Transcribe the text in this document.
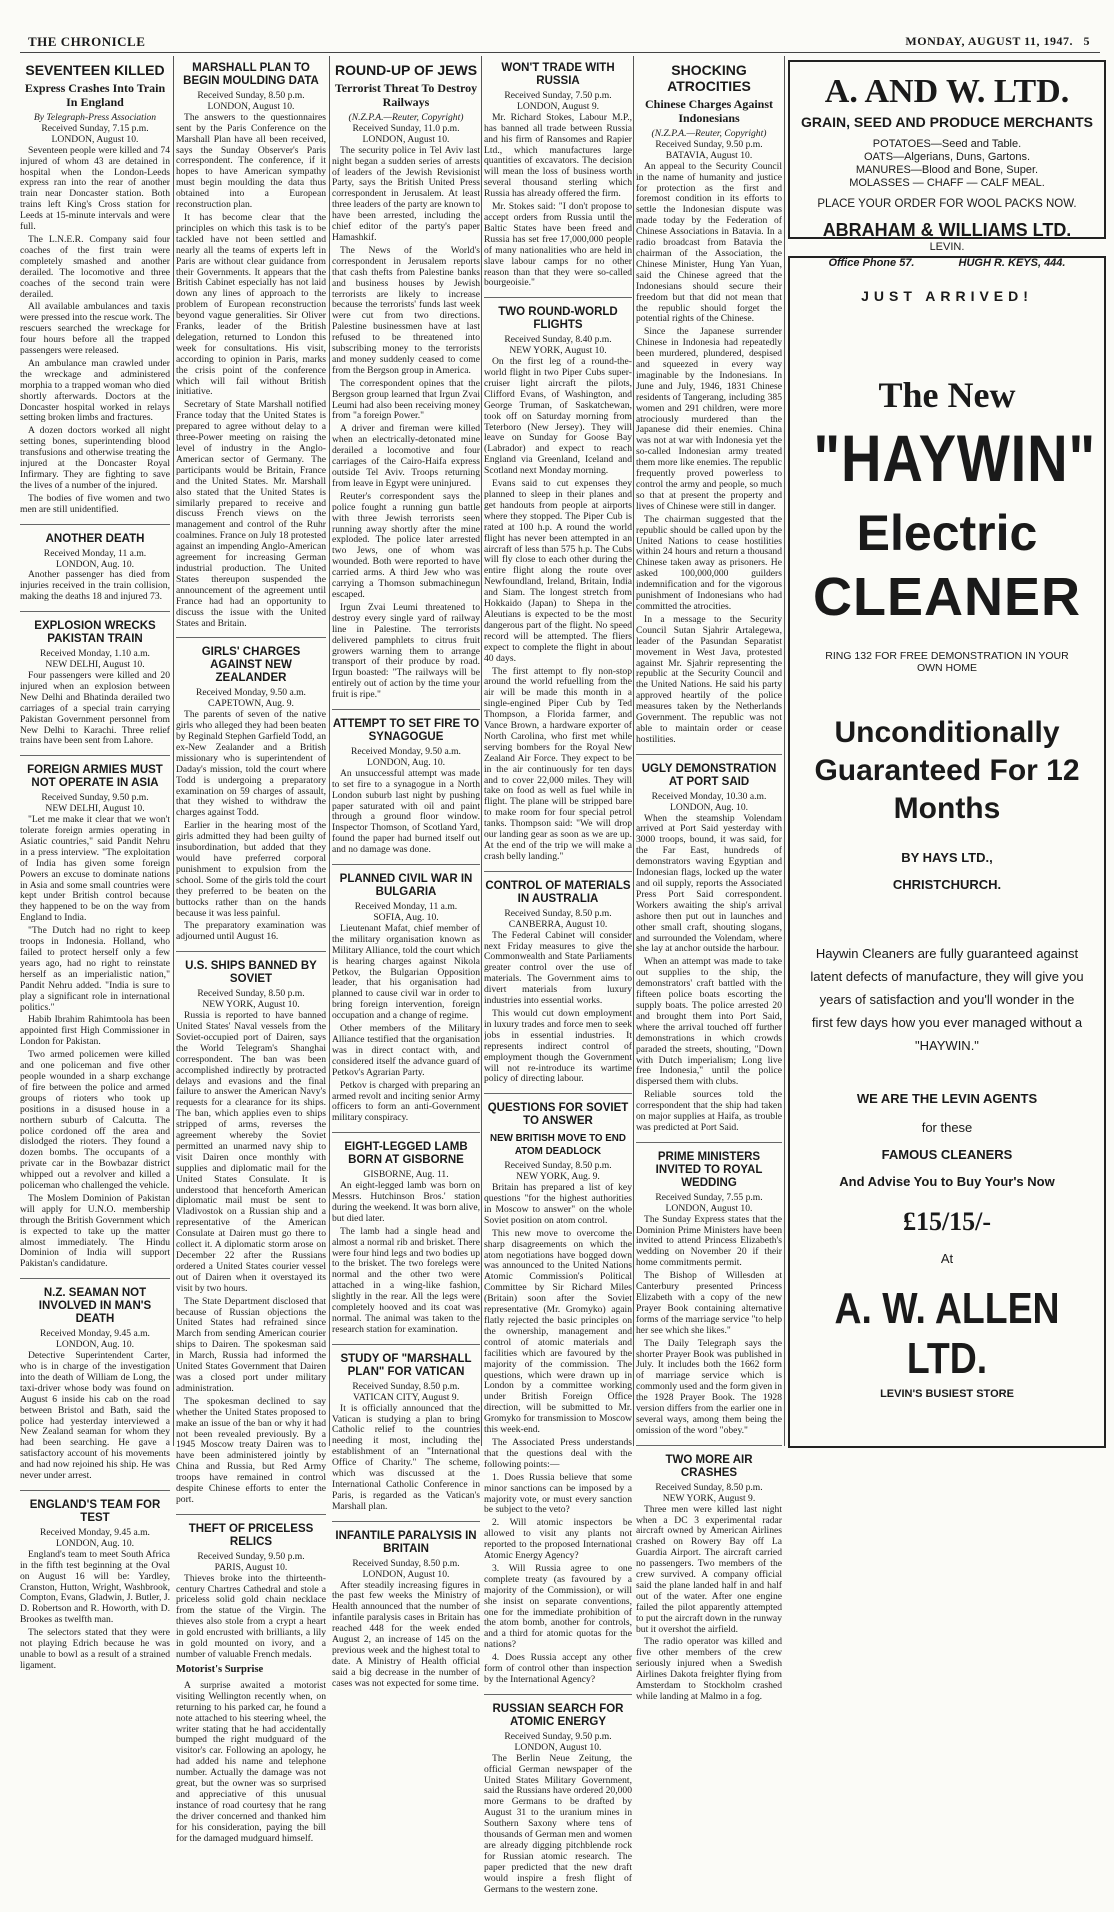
THE CHRONICLE	MONDAY, AUGUST 11, 1947. 5
SEVENTEEN KILLED
Express Crashes Into Train In England
By Telegraph-Press Association
Received Sunday, 7.15 p.m.
LONDON, August 10.

Seventeen people were killed and 74 injured of whom 43 are detained in hospital when the London-Leeds express ran into the rear of another train near Doncaster station. Both trains left King's Cross station for Leeds at 15-minute intervals and were full.

The L.N.E.R. Company said four coaches of the first train were completely smashed and another derailed. The locomotive and three coaches of the second train were derailed.

All available ambulances and taxis were pressed into the rescue work. The rescuers searched the wreckage for four hours before all the trapped passengers were released.

An ambulance man crawled under the wreckage and administered morphia to a trapped woman who died shortly afterwards. Doctors at the Doncaster hospital worked in relays setting broken limbs and fractures.

A dozen doctors worked all night setting bones, superintending blood transfusions and otherwise treating the injured at the Doncaster Royal Infirmary. They are fighting to save the lives of a number of the injured.

The bodies of five women and two men are still unidentified.

ANOTHER DEATH
Received Monday, 11 a.m.
LONDON, Aug. 10.

Another passenger has died from injuries received in the train collision, making the deaths 18 and injured 73.

EXPLOSION WRECKS PAKISTAN TRAIN
Received Monday, 1.10 a.m.
NEW DELHI, August 10.

Four passengers were killed and 20 injured when an explosion between New Delhi and Bhatinda derailed two carriages of a special train carrying Pakistan Government personnel from New Delhi to Karachi. Three relief trains have been sent from Lahore.

FOREIGN ARMIES MUST NOT OPERATE IN ASIA
Received Sunday, 9.50 p.m.
NEW DELHI, August 10.

"Let me make it clear that we won't tolerate foreign armies operating in Asiatic countries," said Pandit Nehru in a press interview. "The exploitation of India has given some foreign Powers an excuse to dominate nations in Asia and some small countries were kept under British control because they happened to be on the way from England to India.

"The Dutch had no right to keep troops in Indonesia. Holland, who failed to protect herself only a few years ago, had no right to reinstate herself as an imperialistic nation," Pandit Nehru added. "India is sure to play a significant role in international politics."

Habib Ibrahim Rahimtoola has been appointed first High Commissioner in London for Pakistan.

Two armed policemen were killed and one policeman and five other people wounded in a sharp exchange of fire between the police and armed groups of rioters who took up positions in a disused house in a northern suburb of Calcutta. The police cordoned off the area and dislodged the rioters. They found a dozen bombs. The occupants of a private car in the Bowbazar district whipped out a revolver and killed a policeman who challenged the vehicle.

The Moslem Dominion of Pakistan will apply for U.N.O. membership through the British Government which is expected to take up the matter almost immediately. The Hindu Dominion of India will support Pakistan's candidature.

N.Z. SEAMAN NOT INVOLVED IN MAN'S DEATH
Received Monday, 9.45 a.m.
LONDON, Aug. 10.

Detective Superintendent Carter, who is in charge of the investigation into the death of William de Long, the taxi-driver whose body was found on August 6 inside his cab on the road between Bristol and Bath, said the police had yesterday interviewed a New Zealand seaman for whom they had been searching. He gave a satisfactory account of his movements and had now rejoined his ship. He was never under arrest.

ENGLAND'S TEAM FOR TEST
Received Monday, 9.45 a.m.
LONDON, Aug. 10.

England's team to meet South Africa in the fifth test beginning at the Oval on August 16 will be: Yardley, Cranston, Hutton, Wright, Washbrook, Compton, Evans, Gladwin, J. Butler, J. D. Robertson and R. Howorth, with D. Brookes as twelfth man.

The selectors stated that they were not playing Edrich because he was unable to bowl as a result of a strained ligament.

MARSHALL PLAN TO BEGIN MOULDING DATA
Received Sunday, 8.50 p.m.
LONDON, August 10.

The answers to the questionnaires sent by the Paris Conference on the Marshall Plan have all been received, says the Sunday Observer's Paris correspondent. The conference, if it hopes to have American sympathy must begin moulding the data thus obtained into a European reconstruction plan.

It has become clear that the principles on which this task is to be tackled have not been settled and nearly all the teams of experts left in Paris are without clear guidance from their Governments. It appears that the British Cabinet especially has not laid down any lines of approach to the problem of European reconstruction beyond vague generalities. Sir Oliver Franks, leader of the British delegation, returned to London this week for consultations. His visit, according to opinion in Paris, marks the crisis point of the conference which will fail without British initiative.

Secretary of State Marshall notified France today that the United States is prepared to agree without delay to a three-Power meeting on raising the level of industry in the Anglo-American sector of Germany. The participants would be Britain, France and the United States. Mr. Marshall also stated that the United States is similarly prepared to receive and discuss French views on the management and control of the Ruhr coalmines. France on July 18 protested against an impending Anglo-American agreement for increasing German industrial production. The United States thereupon suspended the announcement of the agreement until France had had an opportunity to discuss the issue with the United States and Britain.

GIRLS' CHARGES AGAINST NEW ZEALANDER
Received Monday, 9.50 a.m.
CAPETOWN, Aug. 9.

The parents of seven of the native girls who alleged they had been beaten by Reginald Stephen Garfield Todd, an ex-New Zealander and a British missionary who is superintendent of Daday's mission, told the court where Todd is undergoing a preparatory examination on 59 charges of assault, that they wished to withdraw the charges against Todd.

Earlier in the hearing most of the girls admitted they had been guilty of insubordination, but added that they would have preferred corporal punishment to expulsion from the school. Some of the girls told the court they preferred to be beaten on the buttocks rather than on the hands because it was less painful.

The preparatory examination was adjourned until August 16.

U.S. SHIPS BANNED BY SOVIET
Received Sunday, 8.50 p.m.
NEW YORK, August 10.

Russia is reported to have banned United States' Naval vessels from the Soviet-occupied port of Dairen, says the World Telegram's Shanghai correspondent. The ban was been accomplished indirectly by protracted delays and evasions and the final failure to answer the American Navy's requests for a clearance for its ships. The ban, which applies even to ships stripped of arms, reverses the agreement whereby the Soviet permitted an unarmed navy ship to visit Dairen once monthly with supplies and diplomatic mail for the United States Consulate. It is understood that henceforth American diplomatic mail must be sent to Vladivostok on a Russian ship and a representative of the American Consulate at Dairen must go there to collect it. A diplomatic storm arose on December 22 after the Russians ordered a United States courier vessel out of Dairen when it overstayed its visit by two hours.

The State Department disclosed that because of Russian objections the United States had refrained since March from sending American courier ships to Dairen. The spokesman said in March, Russia had informed the United States Government that Dairen was a closed port under military administration.

The spokesman declined to say whether the United States proposed to make an issue of the ban or why it had not been revealed previously. By a 1945 Moscow treaty Dairen was to have been administered jointly by China and Russia, but Red Army troops have remained in control despite Chinese efforts to enter the port.

THEFT OF PRICELESS RELICS
Received Sunday, 9.50 p.m.
PARIS, August 10.

Thieves broke into the thirteenth-century Chartres Cathedral and stole a priceless solid gold chain necklace from the statue of the Virgin. The thieves also stole from a crypt a heart in gold encrusted with brilliants, a lily in gold mounted on ivory, and a number of valuable French medals.

Motorist's Surprise

A surprise awaited a motorist visiting Wellington recently when, on returning to his parked car, he found a note attached to his steering wheel, the writer stating that he had accidentally bumped the right mudguard of the visitor's car. Following an apology, he had added his name and telephone number. Actually the damage was not great, but the owner was so surprised and appreciative of this unusual instance of road courtesy that he rang the driver concerned and thanked him for his consideration, paying the bill for the damaged mudguard himself.

ROUND-UP OF JEWS
Terrorist Threat To Destroy Railways
(N.Z.P.A.—Reuter, Copyright)
Received Sunday, 11.0 p.m.
LONDON, August 10.

The security police in Tel Aviv last night began a sudden series of arrests of leaders of the Jewish Revisionist Party, says the British United Press correspondent in Jerusalem. At least three leaders of the party are known to have been arrested, including the chief editor of the party's paper Hamashkif.

The News of the World's correspondent in Jerusalem reports that cash thefts from Palestine banks and business houses by Jewish terrorists are likely to increase because the terrorists' funds last week were cut from two directions. Palestine businessmen have at last refused to be threatened into subscribing money to the terrorists and money suddenly ceased to come from the Bergson group in America.

The correspondent opines that the Bergson group learned that Irgun Zvai Leumi had also been receiving money from "a foreign Power."

A driver and fireman were killed when an electrically-detonated mine derailed a locomotive and four carriages of the Cairo-Haifa express outside Tel Aviv. Troops returning from leave in Egypt were uninjured.

Reuter's correspondent says the police fought a running gun battle with three Jewish terrorists seen running away shortly after the mine exploded. The police later arrested two Jews, one of whom was wounded. Both were reported to have carried arms. A third Jew who was carrying a Thomson submachinegun escaped.

Irgun Zvai Leumi threatened to destroy every single yard of railway line in Palestine. The terrorists delivered pamphlets to citrus fruit growers warning them to arrange transport of their produce by road. Irgun boasted: "The railways will be entirely out of action by the time your fruit is ripe."

ATTEMPT TO SET FIRE TO SYNAGOGUE
Received Monday, 9.50 a.m.
LONDON, Aug. 10.

An unsuccessful attempt was made to set fire to a synagogue in a North London suburb last night by pushing paper saturated with oil and paint through a ground floor window. Inspector Thomson, of Scotland Yard, found the paper had burned itself out and no damage was done.

PLANNED CIVIL WAR IN BULGARIA
Received Monday, 11 a.m.
SOFIA, Aug. 10.

Lieutenant Mafat, chief member of the military organisation known as Military Alliance, told the court which is hearing charges against Nikola Petkov, the Bulgarian Opposition leader, that his organisation had planned to cause civil war in order to bring foreign intervention, foreign occupation and a change of regime.

Other members of the Military Alliance testified that the organisation was in direct contact with, and considered itself the advance guard of Petkov's Agrarian Party.

Petkov is charged with preparing an armed revolt and inciting senior Army officers to form an anti-Government military conspiracy.

EIGHT-LEGGED LAMB BORN AT GISBORNE
GISBORNE, Aug. 11.

An eight-legged lamb was born on Messrs. Hutchinson Bros.' station during the weekend. It was born alive, but died later.

The lamb had a single head and almost a normal rib and brisket. There were four hind legs and two bodies up to the brisket. The two forelegs were normal and the other two were attached in a wing-like fashion, slightly in the rear. All the legs were completely hooved and its coat was normal. The animal was taken to the research station for examination.

STUDY OF "MARSHALL PLAN" FOR VATICAN
Received Sunday, 8.50 p.m.
VATICAN CITY, August 9.

It is officially announced that the Vatican is studying a plan to bring Catholic relief to the countries needing it most, including the establishment of an "International Office of Charity." The scheme, which was discussed at the International Catholic Conference in Paris, is regarded as the Vatican's Marshall plan.

INFANTILE PARALYSIS IN BRITAIN
Received Sunday, 8.50 p.m.
LONDON, August 10.

After steadily increasing figures in the past few weeks the Ministry of Health announced that the number of infantile paralysis cases in Britain has reached 448 for the week ended August 2, an increase of 145 on the previous week and the highest total to date. A Ministry of Health official said a big decrease in the number of cases was not expected for some time.

WON'T TRADE WITH RUSSIA
Received Sunday, 7.50 p.m.
LONDON, August 9.

Mr. Richard Stokes, Labour M.P., has banned all trade between Russia and his firm of Ransomes and Rapier Ltd., which manufactures large quantities of excavators. The decision will mean the loss of business worth several thousand sterling which Russia has already offered the firm.

Mr. Stokes said: "I don't propose to accept orders from Russia until the Baltic States have been freed and Russia has set free 17,000,000 people of many nationalities who are held in slave labour camps for no other reason than that they were so-called bourgeoisie."

TWO ROUND-WORLD FLIGHTS
Received Sunday, 8.40 p.m.
NEW YORK, August 10.

On the first leg of a round-the-world flight in two Piper Cubs super-cruiser light aircraft the pilots, Clifford Evans, of Washington, and George Truman, of Saskatchewan, took off on Saturday morning from Teterboro (New Jersey). They will leave on Sunday for Goose Bay (Labrador) and expect to reach England via Greenland, Iceland and Scotland next Monday morning.

Evans said to cut expenses they planned to sleep in their planes and get handouts from people at airports where they stopped. The Piper Cub is rated at 100 h.p. A round the world flight has never been attempted in an aircraft of less than 575 h.p. The Cubs will fly close to each other during the entire flight along the route over Newfoundland, Ireland, Britain, India and Siam. The longest stretch from Hokkaido (Japan) to Shepa in the Aleutians is expected to be the most dangerous part of the flight. No speed record will be attempted. The fliers expect to complete the flight in about 40 days.

The first attempt to fly non-stop around the world refuelling from the air will be made this month in a single-engined Piper Cub by Ted Thompson, a Florida farmer, and Vance Brown, a hardware exporter of North Carolina, who first met while serving bombers for the Royal New Zealand Air Force. They expect to be in the air continuously for ten days and to cover 22,000 miles. They will take on food as well as fuel while in flight. The plane will be stripped bare to make room for four special petrol tanks. Thompson said: "We will drop our landing gear as soon as we are up. At the end of the trip we will make a crash belly landing."

CONTROL OF MATERIALS IN AUSTRALIA
Received Sunday, 8.50 p.m.
CANBERRA, August 10.

The Federal Cabinet will consider next Friday measures to give the Commonwealth and State Parliaments greater control over the use of materials. The Government aims to divert materials from luxury industries into essential works.

This would cut down employment in luxury trades and force men to seek jobs in essential industries. It represents indirect control of employment though the Government will not re-introduce its wartime policy of directing labour.

QUESTIONS FOR SOVIET TO ANSWER
NEW BRITISH MOVE TO END ATOM DEADLOCK
Received Sunday, 8.50 p.m.
NEW YORK, Aug. 9.

Britain has prepared a list of key questions "for the highest authorities in Moscow to answer" on the whole Soviet position on atom control.

This new move to overcome the sharp disagreements on which the atom negotiations have bogged down was announced to the United Nations Atomic Commission's Political Committee by Sir Richard Miles (Britain) soon after the Soviet representative (Mr. Gromyko) again flatly rejected the basic principles on the ownership, management and control of atomic materials and facilities which are favoured by the majority of the commission. The questions, which were drawn up in London by a committee working under British Foreign Office direction, will be submitted to Mr. Gromyko for transmission to Moscow this week-end.

The Associated Press understands that the questions deal with the following points:—

1. Does Russia believe that some minor sanctions can be imposed by a majority vote, or must every sanction be subject to the veto?

2. Will atomic inspectors be allowed to visit any plants not reported to the proposed International Atomic Energy Agency?

3. Will Russia agree to one complete treaty (as favoured by a majority of the Commission), or will she insist on separate conventions, one for the immediate prohibition of the atom bomb, another for controls, and a third for atomic quotas for the nations?

4. Does Russia accept any other form of control other than inspection by the International Agency?

RUSSIAN SEARCH FOR ATOMIC ENERGY
Received Sunday, 9.50 p.m.
LONDON, August 10.

The Berlin Neue Zeitung, the official German newspaper of the United States Military Government, said the Russians have ordered 20,000 more Germans to be drafted by August 31 to the uranium mines in Southern Saxony where tens of thousands of German men and women are already digging pitchblende rock for Russian atomic research. The paper predicted that the new draft would inspire a fresh flight of Germans to the western zone.

SHOCKING ATROCITIES
Chinese Charges Against Indonesians
(N.Z.P.A.—Reuter, Copyright)
Received Sunday, 9.50 p.m.
BATAVIA, August 10.

An appeal to the Security Council in the name of humanity and justice for protection as the first and foremost condition in its efforts to settle the Indonesian dispute was made today by the Federation of Chinese Associations in Batavia. In a radio broadcast from Batavia the chairman of the Association, the Chinese Minister, Hung Yan Yuan, said the Chinese agreed that the Indonesians should secure their freedom but that did not mean that the republic should forget the potential rights of the Chinese.

Since the Japanese surrender Chinese in Indonesia had repeatedly been murdered, plundered, despised and squeezed in every way imaginable by the Indonesians. In June and July, 1946, 1831 Chinese residents of Tangerang, including 385 women and 291 children, were more atrociously murdered than the Japanese did their enemies. China was not at war with Indonesia yet the so-called Indonesian army treated them more like enemies. The republic frequently proved powerless to control the army and people, so much so that at present the property and lives of Chinese were still in danger.

The chairman suggested that the republic should be called upon by the United Nations to cease hostilities within 24 hours and return a thousand Chinese taken away as prisoners. He asked 100,000,000 guilders indemnification and for the vigorous punishment of Indonesians who had committed the atrocities.

In a message to the Security Council Sutan Sjahrir Artalegewa, leader of the Pasundan Separatist movement in West Java, protested against Mr. Sjahrir representing the republic at the Security Council and the United Nations. He said his party approved heartily of the police measures taken by the Netherlands Government. The republic was not able to maintain order or cease hostilities.

UGLY DEMONSTRATION AT PORT SAID
Received Monday, 10.30 a.m.
LONDON, Aug. 10.

When the steamship Volendam arrived at Port Said yesterday with 3000 troops, bound, it was said, for the Far East, hundreds of demonstrators waving Egyptian and Indonesian flags, locked up the water and oil supply, reports the Associated Press Port Said correspondent. Workers awaiting the ship's arrival ashore then put out in launches and other small craft, shouting slogans, and surrounded the Volendam, where she lay at anchor outside the harbour.

When an attempt was made to take out supplies to the ship, the demonstrators' craft battled with the fifteen police boats escorting the supply boats. The police arrested 20 and brought them into Port Said, where the arrival touched off further demonstrations in which crowds paraded the streets, shouting, "Down with Dutch imperialism; Long live free Indonesia," until the police dispersed them with clubs.

Reliable sources told the correspondent that the ship had taken on major supplies at Haifa, as trouble was predicted at Port Said.

PRIME MINISTERS INVITED TO ROYAL WEDDING
Received Sunday, 7.55 p.m.
LONDON, August 10.

The Sunday Express states that the Dominion Prime Ministers have been invited to attend Princess Elizabeth's wedding on November 20 if their home commitments permit.

The Bishop of Willesden at Canterbury presented Princess Elizabeth with a copy of the new Prayer Book containing alternative forms of the marriage service "to help her see which she likes."

The Daily Telegraph says the shorter Prayer Book was published in July. It includes both the 1662 form of marriage service which is commonly used and the form given in the 1928 Prayer Book. The 1928 version differs from the earlier one in several ways, among them being the omission of the word "obey."

TWO MORE AIR CRASHES
Received Sunday, 8.50 p.m.
NEW YORK, August 9.

Three men were killed last night when a DC 3 experimental radar aircraft owned by American Airlines crashed on Rowery Bay off La Guardia Airport. The aircraft carried no passengers. Two members of the crew survived. A company official said the plane landed half in and half out of the water. After one engine failed the pilot apparently attempted to put the aircraft down in the runway but it overshot the airfield.

The radio operator was killed and five other members of the crew seriously injured when a Swedish Airlines Dakota freighter flying from Amsterdam to Stockholm crashed while landing at Malmo in a fog.

A. AND W. LTD.
GRAIN, SEED AND PRODUCE MERCHANTS
POTATOES—Seed and Table.
OATS—Algerians, Duns, Gartons.
MANURES—Blood and Bone, Super.
MOLASSES — CHAFF — CALF MEAL.
PLACE YOUR ORDER FOR WOOL PACKS NOW.
ABRAHAM & WILLIAMS LTD.
LEVIN.
Office Phone 57.	HUGH R. KEYS, 444.
JUST ARRIVED!
The New
"HAYWIN"
Electric
CLEANER
RING 132 FOR FREE DEMONSTRATION IN YOUR OWN HOME
Unconditionally Guaranteed For 12 Months
BY HAYS LTD.,
CHRISTCHURCH.
Haywin Cleaners are fully guaranteed against latent defects of manufacture, they will give you years of satisfaction and you'll wonder in the first few days how you ever managed without a "HAYWIN."
WE ARE THE LEVIN AGENTS
for these
FAMOUS CLEANERS
And Advise You to Buy Your's Now
£15/15/-
At
A. W. ALLEN LTD.
LEVIN'S BUSIEST STORE
